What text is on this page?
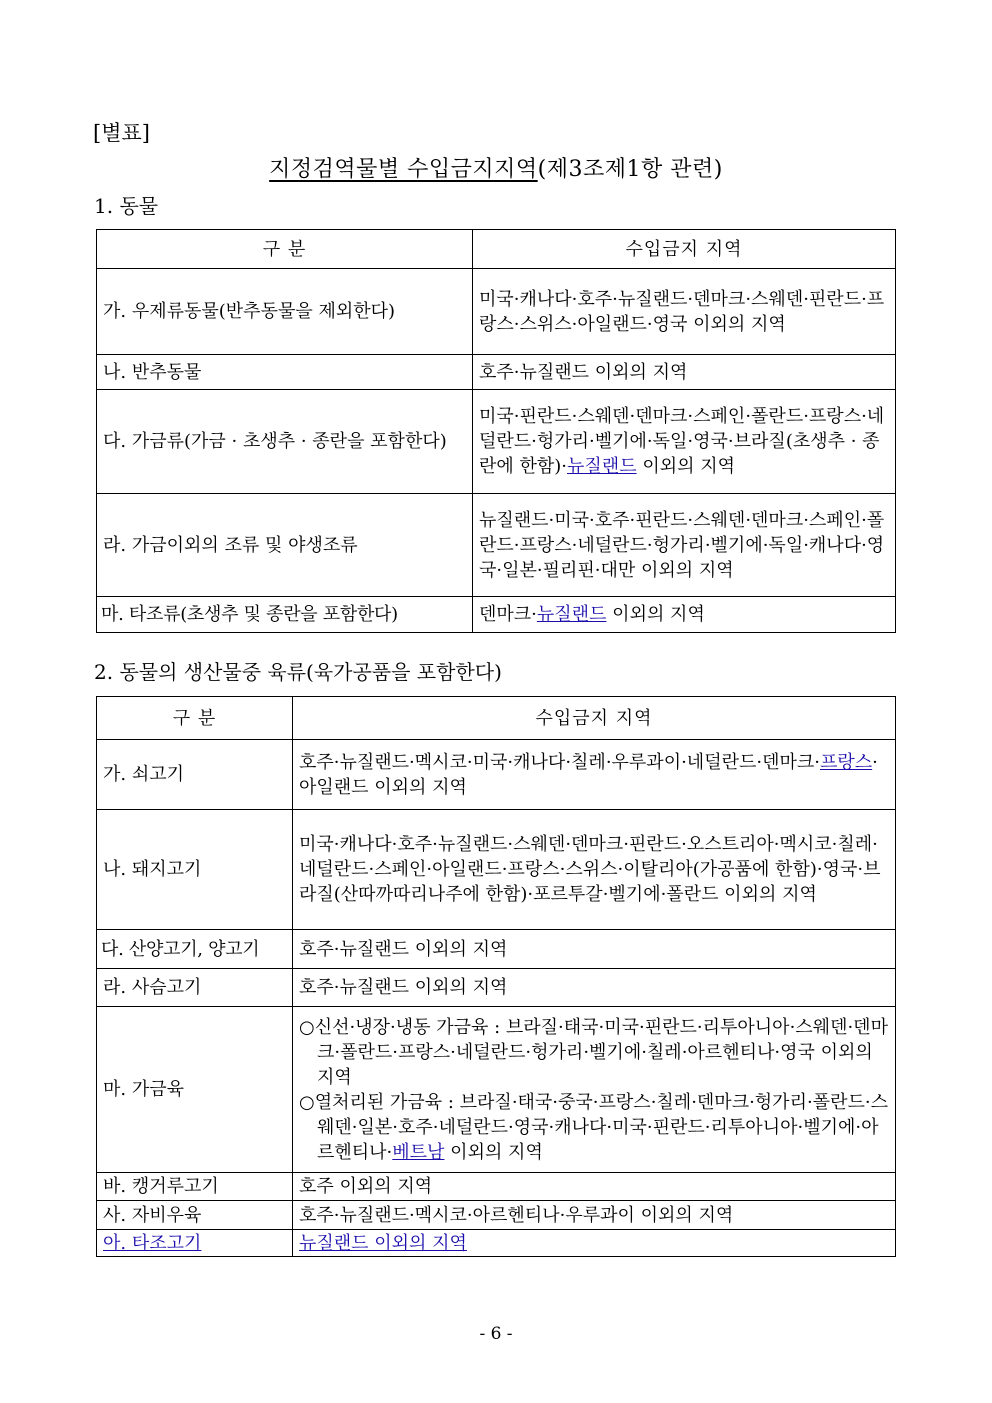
[별표]
지정검역물별 수입금지지역(제3조제1항 관련)
1. 동물
구 분	수입금지 지역
가. 우제류동물(반추동물을 제외한다)	미국·캐나다·호주·뉴질랜드·덴마크·스웨덴·핀란드·프랑스·스위스·아일랜드·영국 이외의 지역
나. 반추동물	호주·뉴질랜드 이외의 지역

다. 가금류(가금 · 초생추 · 종란을 포함한다)	미국·핀란드·스웨덴·덴마크·스페인·폴란드·프랑스·네덜란드·헝가리·벨기에·독일·영국·브라질(초생추 · 종란에 한함)·뉴질랜드 이외의 지역
라. 가금이외의 조류 및 야생조류	뉴질랜드·미국·호주·핀란드·스웨덴·덴마크·스페인·폴란드·프랑스·네덜란드·헝가리·벨기에·독일·캐나다·영국·일본·필리핀·대만 이외의 지역
마. 타조류(초생추 및 종란을 포함한다)	덴마크·뉴질랜드 이외의 지역
2. 동물의 생산물중 육류(육가공품을 포함한다)
구 분	수입금지 지역
가. 쇠고기	호주·뉴질랜드·멕시코·미국·캐나다·칠레·우루과이·네덜란드·덴마크·프랑스·아일랜드 이외의 지역
나. 돼지고기	미국·캐나다·호주·뉴질랜드·스웨덴·덴마크·핀란드·오스트리아·멕시코·칠레·네덜란드·스페인·아일랜드·프랑스·스위스·이탈리아(가공품에 한함)·영국·브라질(산따까따리나주에 한함)·포르투갈·벨기에·폴란드 이외의 지역
다. 산양고기, 양고기	호주·뉴질랜드 이외의 지역
라. 사슴고기	호주·뉴질랜드 이외의 지역
마. 가금육	○신선·냉장·냉동 가금육 : 브라질·태국·미국·핀란드·리투아니아·스웨덴·덴마크·폴란드·프랑스·네덜란드·헝가리·벨기에·칠레·아르헨티나·영국 이외의 지역
○열처리된 가금육 : 브라질·태국·중국·프랑스·칠레·덴마크·헝가리·폴란드·스웨덴·일본·호주·네덜란드·영국·캐나다·미국·핀란드·리투아니아·벨기에·아르헨티나·베트남 이외의 지역

바. 캥거루고기	호주 이외의 지역
사. 자비우육	호주·뉴질랜드·멕시코·아르헨티나·우루과이 이외의 지역
아. 타조고기	뉴질랜드 이외의 지역
- 6 -
